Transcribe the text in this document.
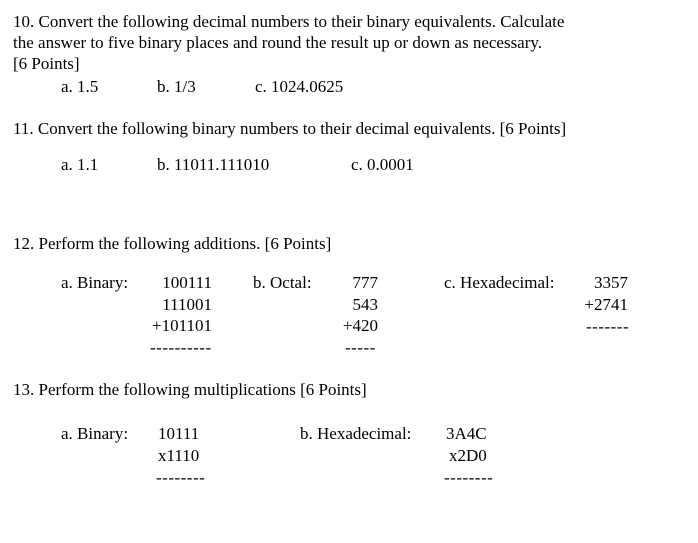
10. Convert the following decimal numbers to their binary equivalents. Calculate
the answer to five binary places and round the result up or down as necessary.
[6 Points]
a. 1.5	b. 1/3	c. 1024.0625
11. Convert the following binary numbers to their decimal equivalents. [6 Points]
a. 1.1	b. 11011.111010	c. 0.0001
12. Perform the following additions. [6 Points]
a. Binary:	100111
111001
+101101
----------
b. Octal:	777
543
+420
-----
c. Hexadecimal:	3357
+2741
-------
13. Perform the following multiplications [6 Points]
a. Binary: 10111
x1110
--------
b. Hexadecimal: 3A4C
x2D0
--------
